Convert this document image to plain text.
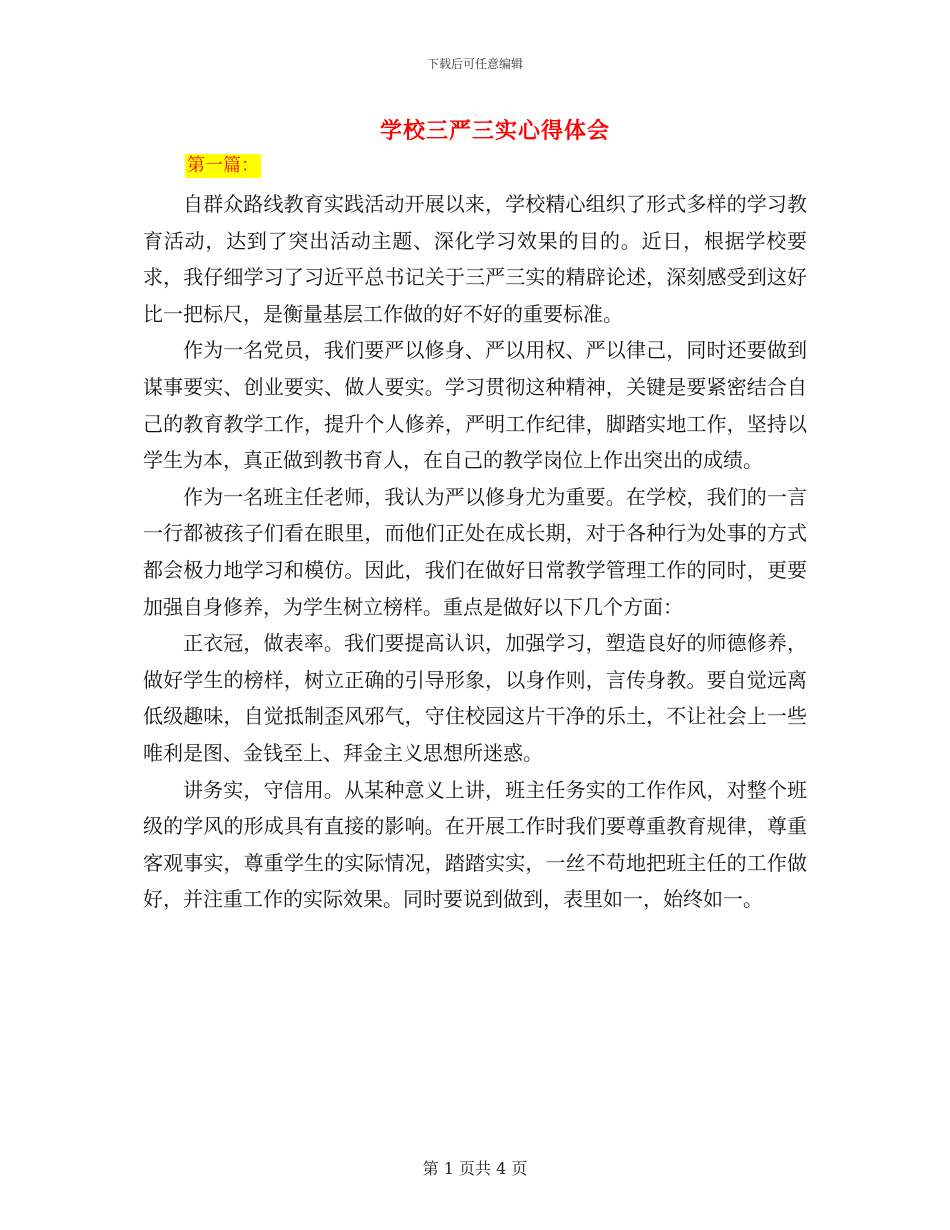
下载后可任意编辑
学校三严三实心得体会
第一篇：

自群众路线教育实践活动开展以来，学校精心组织了形式多样的学习教育活动，达到了突出活动主题、深化学习效果的目的。近日，根据学校要求，我仔细学习了习近平总书记关于三严三实的精辟论述，深刻感受到这好比一把标尺，是衡量基层工作做的好不好的重要标准。

作为一名党员，我们要严以修身、严以用权、严以律己，同时还要做到谋事要实、创业要实、做人要实。学习贯彻这种精神，关键是要紧密结合自己的教育教学工作，提升个人修养，严明工作纪律，脚踏实地工作，坚持以学生为本，真正做到教书育人，在自己的教学岗位上作出突出的成绩。

作为一名班主任老师，我认为严以修身尤为重要。在学校，我们的一言一行都被孩子们看在眼里，而他们正处在成长期，对于各种行为处事的方式都会极力地学习和模仿。因此，我们在做好日常教学管理工作的同时，更要加强自身修养，为学生树立榜样。重点是做好以下几个方面：

正衣冠，做表率。我们要提高认识，加强学习，塑造良好的师德修养，做好学生的榜样，树立正确的引导形象，以身作则，言传身教。要自觉远离低级趣味，自觉抵制歪风邪气，守住校园这片干净的乐土，不让社会上一些唯利是图、金钱至上、拜金主义思想所迷惑。

讲务实，守信用。从某种意义上讲，班主任务实的工作作风，对整个班级的学风的形成具有直接的影响。在开展工作时我们要尊重教育规律，尊重客观事实，尊重学生的实际情况，踏踏实实，一丝不苟地把班主任的工作做好，并注重工作的实际效果。同时要说到做到，表里如一，始终如一。

第 1 页共 4 页
